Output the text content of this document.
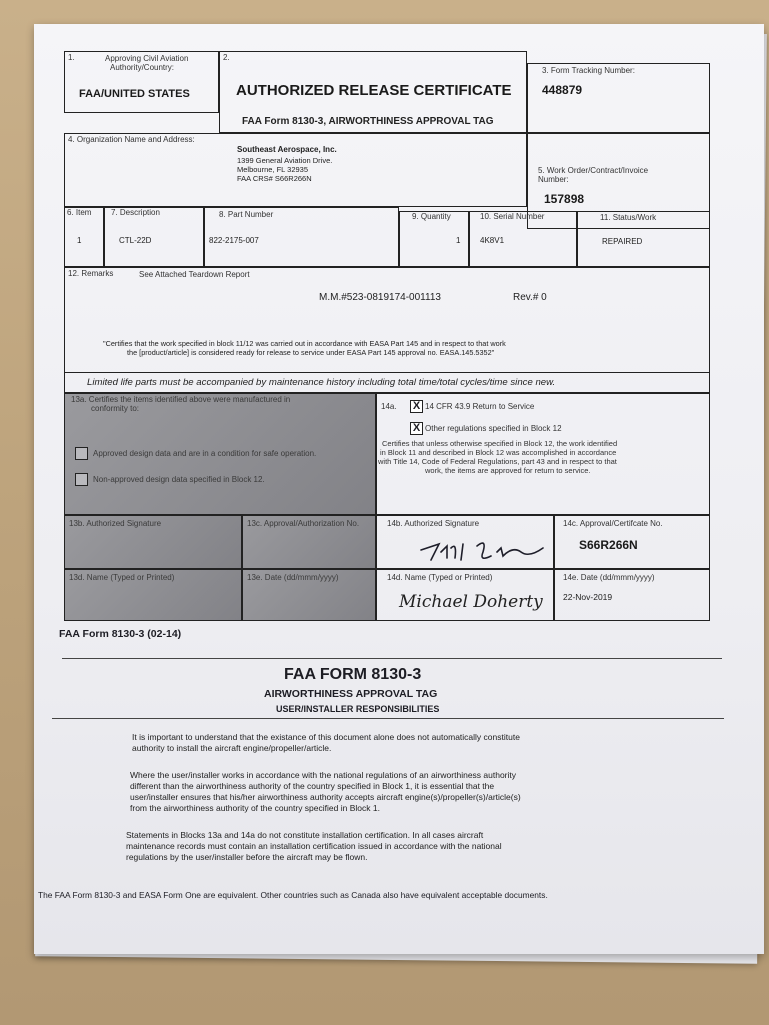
1.	Approving Civil Aviation
Authority/Country:
FAA/UNITED STATES
2.
AUTHORIZED RELEASE CERTIFICATE
FAA Form 8130-3, AIRWORTHINESS APPROVAL TAG
3. Form Tracking Number:
448879
4. Organization Name and Address:
Southeast Aerospace, Inc.
1399 General Aviation Drive.
Melbourne, FL 32935
FAA CRS# S66R266N
5. Work Order/Contract/Invoice
Number:
157898
6. Item
1
7. Description
CTL-22D
8. Part Number
822-2175-007
9. Quantity
1
10. Serial Number
4K8V1
11. Status/Work
REPAIRED
12. Remarks	See Attached Teardown Report
M.M.#523-0819174-001113	Rev.# 0
"Certifies that the work specified in block 11/12 was carried out in accordance with EASA Part 145 and in respect to that work
the [product/article] is considered ready for release to service under EASA Part 145 approval no. EASA.145.5352"
Limited life parts must be accompanied by maintenance history including total time/total cycles/time since new.
13a. Certifies the items identified above were manufactured in
conformity to:
Approved design data and are in a condition for safe operation.
Non-approved design data specified in Block 12.
14a. X 14 CFR 43.9 Return to Service
X Other regulations specified in Block 12
Certifies that unless otherwise specified in Block 12, the work identified
in Block 11 and described in Block 12 was accomplished in accordance
with Title 14, Code of Federal Regulations, part 43 and in respect to that
work, the items are approved for return to service.
13b. Authorized Signature	13c. Approval/Authorization No.	14b. Authorized Signature	14c. Approval/Certifcate No.
S66R266N
13d. Name (Typed or Printed)	13e. Date (dd/mmm/yyyy)	14d. Name (Typed or Printed)
Michael Doherty
14e. Date (dd/mmm/yyyy)
22-Nov-2019
FAA Form 8130-3 (02-14)
FAA FORM 8130-3
AIRWORTHINESS APPROVAL TAG
USER/INSTALLER RESPONSIBILITIES
It is important to understand that the existance of this document alone does not automatically constitute
authority to install the aircraft engine/propeller/article.
Where the user/installer works in accordance with the national regulations of an airworthiness authority
different than the airworthiness authority of the country specified in Block 1, it is essential that the
user/installer ensures that his/her airworthiness authority accepts aircraft engine(s)/propeller(s)/article(s)
from the airworthiness authority of the country specified in Block 1.
Statements in Blocks 13a and 14a do not constitute installation certification. In all cases aircraft
maintenance records must contain an installation certification issued in accordance with the national
regulations by the user/installer before the aircraft may be flown.
The FAA Form 8130-3 and EASA Form One are equivalent. Other countries such as Canada also have equivalent acceptable documents.
